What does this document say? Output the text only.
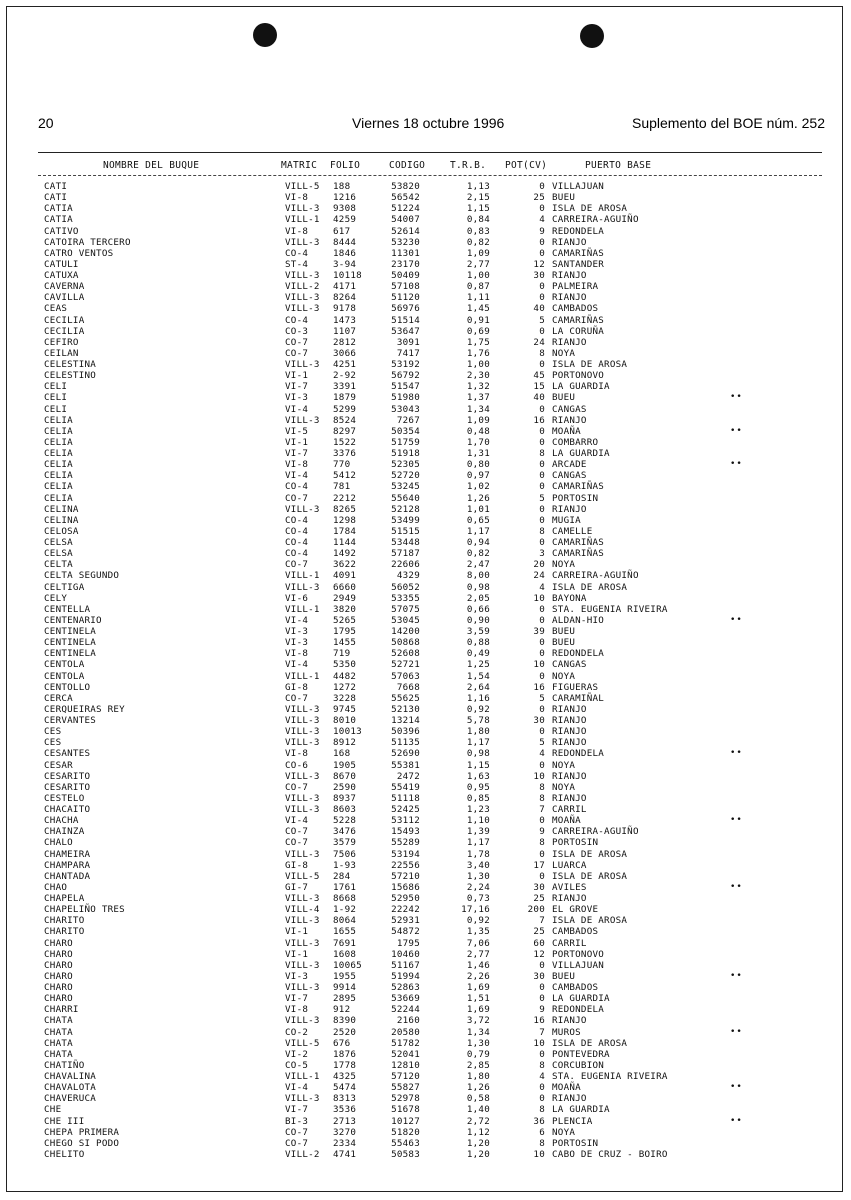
20	Viernes 18 octubre 1996	Suplemento del BOE núm. 252
NOMBRE DEL BUQUE	MATRIC FOLIO	CODIGO	T.R.B. POT(CV)	PUERTO BASE
CATI	VILL-5 188	53820	1,13	0 VILLAJUAN
CATI	VI-8	1216	56542	2,15	25 BUEU
CATIA	VILL-3 9308	51224	1,15	0 ISLA DE AROSA
CATIA	VILL-1 4259	54007	0,84	4 CARREIRA-AGUIÑO
CATIVO	VI-8	617	52614	0,83	9 REDONDELA
CATOIRA TERCERO	VILL-3 8444	53230	0,82	0 RIANJO
CATRO VENTOS	CO-4	1846	11301	1,09	0 CAMARIÑAS
CATULI	ST-4	3-94	23170	2,77	12 SANTANDER
CATUXA	VILL-3 10118	50409	1,00	30 RIANJO
CAVERNA	VILL-2 4171	57108	0,87	0 PALMEIRA
CAVILLA	VILL-3 8264	51120	1,11	0 RIANJO
CEAS	VILL-3 9178	56976	1,45	40 CAMBADOS
CECILIA	CO-4	1473	51514	0,91	5 CAMARIÑAS
CECILIA	CO-3	1107	53647	0,69	0 LA CORUÑA
CEFIRO	CO-7	2812	3091	1,75	24 RIANJO
CEILAN	CO-7	3066	7417	1,76	8 NOYA
CELESTINA	VILL-3 4251	53192	1,00	0 ISLA DE AROSA
CELESTINO	VI-1	2-92	56792	2,30	45 PORTONOVO
CELI	VI-7	3391	51547	1,32	15 LA GUARDIA
CELI	VI-3	1879	51980	1,37	40 BUEU	••
CELI	VI-4	5299	53043	1,34	0 CANGAS
CELIA	VILL-3 8524	7267	1,09	16 RIANJO
CELIA	VI-5	8297	50354	0,48	0 MOAÑA	••
CELIA	VI-1	1522	51759	1,70	0 COMBARRO
CELIA	VI-7	3376	51918	1,31	8 LA GUARDIA
CELIA	VI-8	770	52305	0,80	0 ARCADE	••
CELIA	VI-4	5412	52720	0,97	0 CANGAS
CELIA	CO-4	781	53245	1,02	0 CAMARIÑAS
CELIA	CO-7	2212	55640	1,26	5 PORTOSIN
CELINA	VILL-3 8265	52128	1,01	0 RIANJO
CELINA	CO-4	1298	53499	0,65	0 MUGIA
CELOSA	CO-4	1784	51515	1,17	8 CAMELLE
CELSA	CO-4	1144	53448	0,94	0 CAMARIÑAS
CELSA	CO-4	1492	57187	0,82	3 CAMARIÑAS
CELTA	CO-7	3622	22606	2,47	20 NOYA
CELTA SEGUNDO	VILL-1 4091	4329	8,00	24 CARREIRA-AGUIÑO
CELTIGA	VILL-3 6660	56052	0,98	4 ISLA DE AROSA
CELY	VI-6	2949	53355	2,05	10 BAYONA
CENTELLA	VILL-1 3820	57075	0,66	0 STA. EUGENIA RIVEIRA
CENTENARIO	VI-4	5265	53045	0,90	0 ALDAN-HIO	••
CENTINELA	VI-3	1795	14200	3,59	39 BUEU
CENTINELA	VI-3	1455	50868	0,88	0 BUEU
CENTINELA	VI-8	719	52608	0,49	0 REDONDELA
CENTOLA	VI-4	5350	52721	1,25	10 CANGAS
CENTOLA	VILL-1 4482	57063	1,54	0 NOYA
CENTOLLO	GI-8	1272	7668	2,64	16 FIGUERAS
CERCA	CO-7	3228	55625	1,16	5 CARAMIÑAL
CERQUEIRAS REY	VILL-3 9745	52130	0,92	0 RIANJO
CERVANTES	VILL-3 8010	13214	5,78	30 RIANJO
CES	VILL-3 10013	50396	1,80	0 RIANJO
CES	VILL-3 8912	51135	1,17	5 RIANJO
CESANTES	VI-8	168	52690	0,98	4 REDONDELA	••
CESAR	CO-6	1905	55381	1,15	0 NOYA
CESARITO	VILL-3 8670	2472	1,63	10 RIANJO
CESARITO	CO-7	2590	55419	0,95	8 NOYA
CESTELO	VILL-3 8937	51118	0,85	8 RIANJO
CHACAITO	VILL-3 8603	52425	1,23	7 CARRIL
CHACHA	VI-4	5228	53112	1,10	0 MOAÑA	••
CHAINZA	CO-7	3476	15493	1,39	9 CARREIRA-AGUIÑO
CHALO	CO-7	3579	55289	1,17	8 PORTOSIN
CHAMEIRA	VILL-3 7506	53194	1,78	0 ISLA DE AROSA
CHAMPARA	GI-8	1-93	22556	3,40	17 LUARCA
CHANTADA	VILL-5 284	57210	1,30	0 ISLA DE AROSA
CHAO	GI-7	1761	15686	2,24	30 AVILES	••
CHAPELA	VILL-3 8668	52950	0,73	25 RIANJO
CHAPELIÑO TRES	VILL-4 1-92	22242	17,16	200 EL GROVE
CHARITO	VILL-3 8064	52931	0,92	7 ISLA DE AROSA
CHARITO	VI-1	1655	54872	1,35	25 CAMBADOS
CHARO	VILL-3 7691	1795	7,06	60 CARRIL
CHARO	VI-1	1608	10460	2,77	12 PORTONOVO
CHARO	VILL-3 10065	51167	1,46	0 VILLAJUAN
CHARO	VI-3	1955	51994	2,26	30 BUEU	••
CHARO	VILL-3 9914	52863	1,69	0 CAMBADOS
CHARO	VI-7	2895	53669	1,51	0 LA GUARDIA
CHARRI	VI-8	912	52244	1,69	9 REDONDELA
CHATA	VILL-3 8390	2160	3,72	16 RIANJO
CHATA	CO-2	2520	20580	1,34	7 MUROS	••
CHATA	VILL-5 676	51782	1,30	10 ISLA DE AROSA
CHATA	VI-2	1876	52041	0,79	0 PONTEVEDRA
CHATIÑO	CO-5	1778	12810	2,85	8 CORCUBION
CHAVALINA	VILL-1 4325	57120	1,80	4 STA. EUGENIA RIVEIRA
CHAVALOTA	VI-4	5474	55827	1,26	0 MOAÑA	••
CHAVERUCA	VILL-3 8313	52978	0,58	0 RIANJO
CHE	VI-7	3536	51678	1,40	8 LA GUARDIA
CHE III	BI-3	2713	10127	2,72	36 PLENCIA	••
CHEPA PRIMERA	CO-7	3270	51820	1,12	6 NOYA
CHEGO SI PODO	CO-7	2334	55463	1,20	8 PORTOSIN
CHELITO	VILL-2 4741	50583	1,20	10 CABO DE CRUZ - BOIRO
